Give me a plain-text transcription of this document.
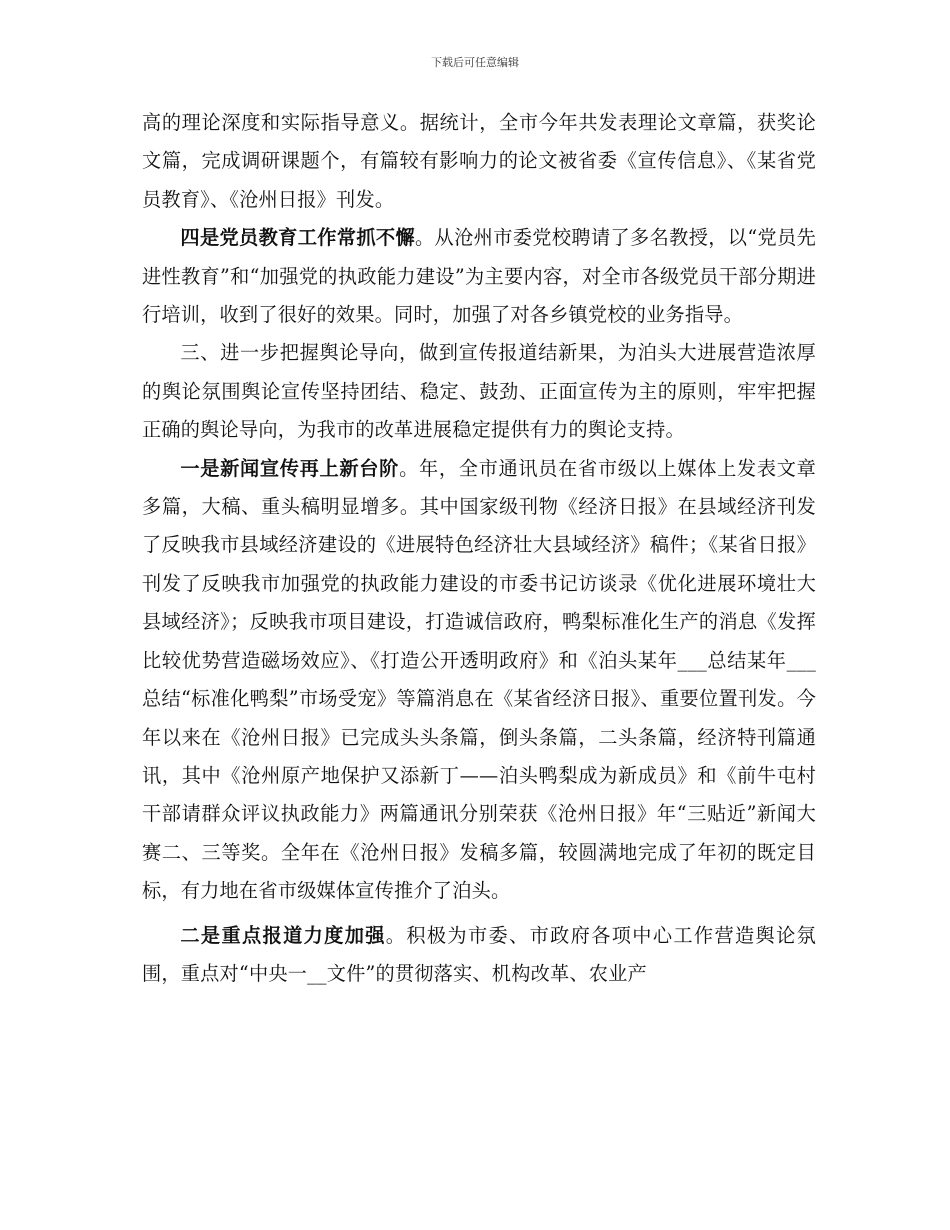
下载后可任意编辑

高的理论深度和实际指导意义。据统计，全市今年共发表理论文章篇，获奖论文篇，完成调研课题个，有篇较有影响力的论文被省委《宣传信息》、《某省党员教育》、《沧州日报》刊发。

四是党员教育工作常抓不懈。从沧州市委党校聘请了多名教授，以“党员先进性教育”和“加强党的执政能力建设”为主要内容，对全市各级党员干部分期进行培训，收到了很好的效果。同时，加强了对各乡镇党校的业务指导。

三、进一步把握舆论导向，做到宣传报道结新果，为泊头大进展营造浓厚的舆论氛围舆论宣传坚持团结、稳定、鼓劲、正面宣传为主的原则，牢牢把握正确的舆论导向，为我市的改革进展稳定提供有力的舆论支持。

一是新闻宣传再上新台阶。年，全市通讯员在省市级以上媒体上发表文章多篇，大稿、重头稿明显增多。其中国家级刊物《经济日报》在县域经济刊发了反映我市县域经济建设的《进展特色经济壮大县域经济》稿件；《某省日报》刊发了反映我市加强党的执政能力建设的市委书记访谈录《优化进展环境壮大县域经济》；反映我市项目建设，打造诚信政府，鸭梨标准化生产的消息《发挥比较优势营造磁场效应》、《打造公开透明政府》和《泊头某年___总结某年___总结“标准化鸭梨”市场受宠》等篇消息在《某省经济日报》、重要位置刊发。今年以来在《沧州日报》已完成头头条篇，倒头条篇，二头条篇，经济特刊篇通讯，其中《沧州原产地保护又添新丁——泊头鸭梨成为新成员》和《前牛屯村干部请群众评议执政能力》两篇通讯分别荣获《沧州日报》年“三贴近”新闻大赛二、三等奖。全年在《沧州日报》发稿多篇，较圆满地完成了年初的既定目标，有力地在省市级媒体宣传推介了泊头。

二是重点报道力度加强。积极为市委、市政府各项中心工作营造舆论氛围，重点对“中央一__文件”的贯彻落实、机构改革、农业产
